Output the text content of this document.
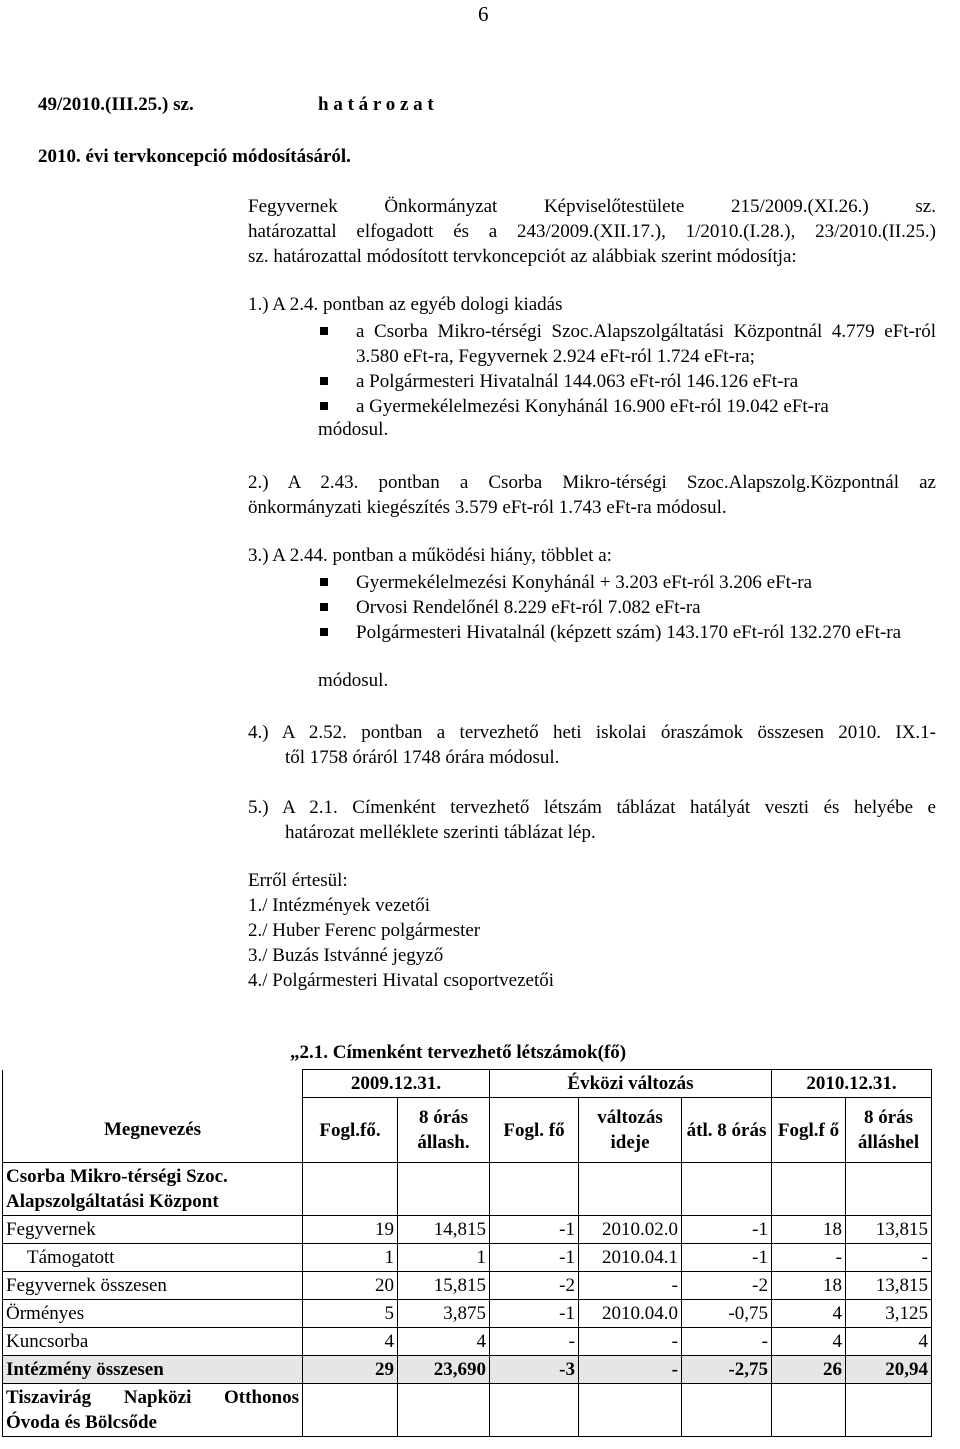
6
49/2010.(III.25.) sz.	h a t á r o z a t
2010. évi tervkoncepció módosításáról.
Fegyvernek Önkormányzat Képviselőtestülete 215/2009.(XI.26.) sz.
határozattal elfogadott és a 243/2009.(XII.17.), 1/2010.(I.28.), 23/2010.(II.25.)
sz. határozattal módosított tervkoncepciót az alábbiak szerint módosítja:
1.) A 2.4. pontban az egyéb dologi kiadás
a Csorba Mikro-térségi Szoc.Alapszolgáltatási Központnál 4.779 eFt-ról 3.580 eFt-ra, Fegyvernek 2.924 eFt-ról 1.724 eFt-ra;
a Polgármesteri Hivatalnál 144.063 eFt-ról 146.126 eFt-ra
a Gyermekélelmezési Konyhánál 16.900 eFt-ról 19.042 eFt-ra
módosul.
2.) A 2.43. pontban a Csorba Mikro-térségi Szoc.Alapszolg.Központnál az
önkormányzati kiegészítés 3.579 eFt-ról 1.743 eFt-ra módosul.
3.) A 2.44. pontban a működési hiány, többlet a:
Gyermekélelmezési Konyhánál + 3.203 eFt-ról 3.206 eFt-ra
Orvosi Rendelőnél 8.229 eFt-ról 7.082 eFt-ra
Polgármesteri Hivatalnál (képzett szám) 143.170 eFt-ról 132.270 eFt-ra
módosul.
4.) A 2.52. pontban a tervezhető heti iskolai óraszámok összesen 2010. IX.1-
től 1758 óráról 1748 órára módosul.
5.) A 2.1. Címenként tervezhető létszám táblázat hatályát veszti és helyébe e
határozat melléklete szerinti táblázat lép.
Erről értesül:
1./ Intézmények vezetői
2./ Huber Ferenc polgármester
3./ Buzás Istvánné jegyző
4./ Polgármesteri Hivatal csoportvezetői
„2.1. Címenként tervezhető létszámok(fő)
	2009.12.31.		Évközi változás			2010.12.31.	
Megnevezés	Fogl.fő.	8 órás állash.	Fogl. fő	változás ideje	átl. 8 órás	Fogl.f ő	8 órás álláshel
Csorba Mikro-térségi Szoc. Alapszolgáltatási Központ							
Fegyvernek	19	14,815	-1	2010.02.0	-1	18	13,815
Támogatott	1	1	-1	2010.04.1	-1	-	-
Fegyvernek összesen	20	15,815	-2	-	-2	18	13,815
Örményes	5	3,875	-1	2010.04.0	-0,75	4	3,125
Kuncsorba	4	4	-	-	-	4	4
Intézmény összesen	29	23,690	-3	-	-2,75	26	20,94
Tiszavirág Napközi Otthonos Óvoda és Bölcsőde							
